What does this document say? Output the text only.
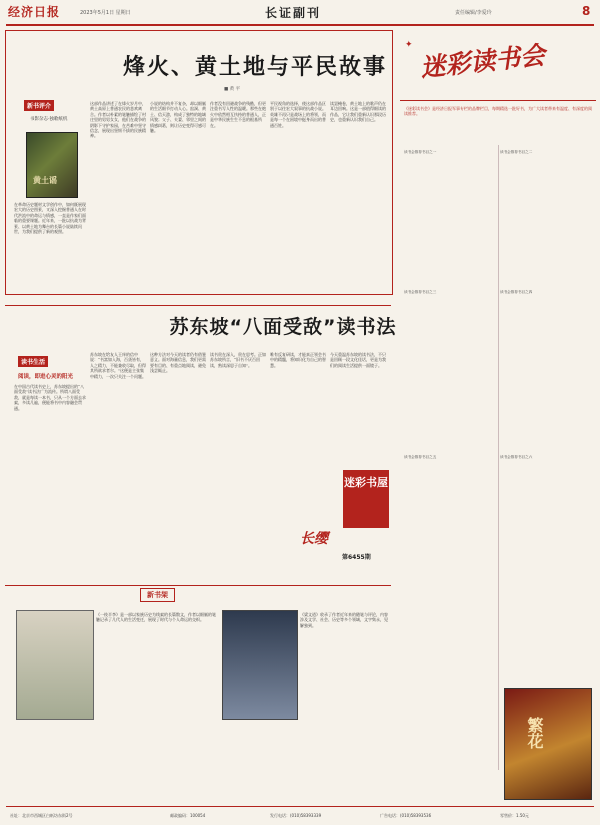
经济日报	2023年5月1日 星期日	长证副刊	责任编辑/李爱玲	8
烽火、黄土地与平民故事
■ 黄 平
新书评介
书影杂志·独歌纸机
黄土谣
在革命历史题材文学创作中，如何既展现宏大的历史图景，又深入挖掘普通人在时代洪流中的命运与情感，一直是作家们面临的重要课题。近年来，一批以抗战为背景、以黄土地为舞台的长篇小说陆续问世，为我们提供了新的观照。
这部作品讲述了在烽火岁月中，黄土高原上普通农民的悲欢离合。作者以朴素的笔触描绘了村庄里的男男女女，他们在战争的阴影下守护家园，在苦难中坚守信念，展现出坚韧不拔的民族精神。
小说的结构并不复杂，却以细腻的生活细节打动人心。窑洞、黄土、信天游，构成了独特的地域风貌；父子、夫妻、邻里之间的情感纠葛，则让历史变得可感可触。
作者没有回避战争的残酷，但更注重书写人性的温暖。那些在炮火中依然相互扶持的普通人，正是中华民族生生不息的根基所在。
平民视角的选择，使这部作品区别于以往宏大叙事的抗战小说。英雄不再只是战场上的将领，而是每一个在困境中挺身而出的普通百姓。
读罢掩卷，黄土地上的歌声仍在耳边回响。这是一部值得细读的作品，它让我们重新认识那段历史，也重新认识我们自己。
迷彩读书会
✦
《迷彩读书会》是经济日报军事专栏的品牌栏目，每期精选一批好书，为广大读者带来有温度、有深度的阅读推荐。
读书会推荐书目之一	读书会推荐书目之二
读书会推荐书目之三	读书会推荐书目之四
读书会推荐书目之五	读书会推荐书目之六
繁花
苏东坡“八面受敌”读书法
读书生活
阅读，即进心灵的阳光
在中国古代读书史上，苏东坡提出的“八面受敌”读书法广为流传。所谓八面受敌，就是每读一本书，只从一个方面去求索，多读几遍，便能将书中内容融会贯通。
苏东坡在给友人王庠的信中说：“书富如入海，百货皆有，人之精力，不能兼收尽取，但得其所欲求者尔。”这便是主张集中精力，一次只关注一个问题。
这种方法对今天的读者仍有借鉴意义。面对海量信息，我们更需要有目的、有重点地阅读，避免浅尝辄止。
读书贵在深入，贵在思考。正如苏东坡所言，“旧书不厌百回读，熟读深思子自知”。
唯有反复研读，才能真正领会书中的精髓，将知识化为自己的智慧。
今天重温苏东坡的读书法，不只是回顾一段文化佳话，更是为我们的阅读生活提供一面镜子。
迷彩书屋
长缨
第6455期
新书架
《一枝半李》是一部以家族历史为线索的长篇散文，作者以细腻的笔触记录了几代人的生活变迁，展现了时代与个人命运的交织。
《梁文道》收录了作者近年来的随笔与评论，内容涉及文学、社会、历史等多个领域，文字隽永，见解独到。
社址：北京市西城区白纸坊东街2号	邮政编码：100054	发行电话：(010)58393339	广告电话：(010)58393536	零售价：1.50元
